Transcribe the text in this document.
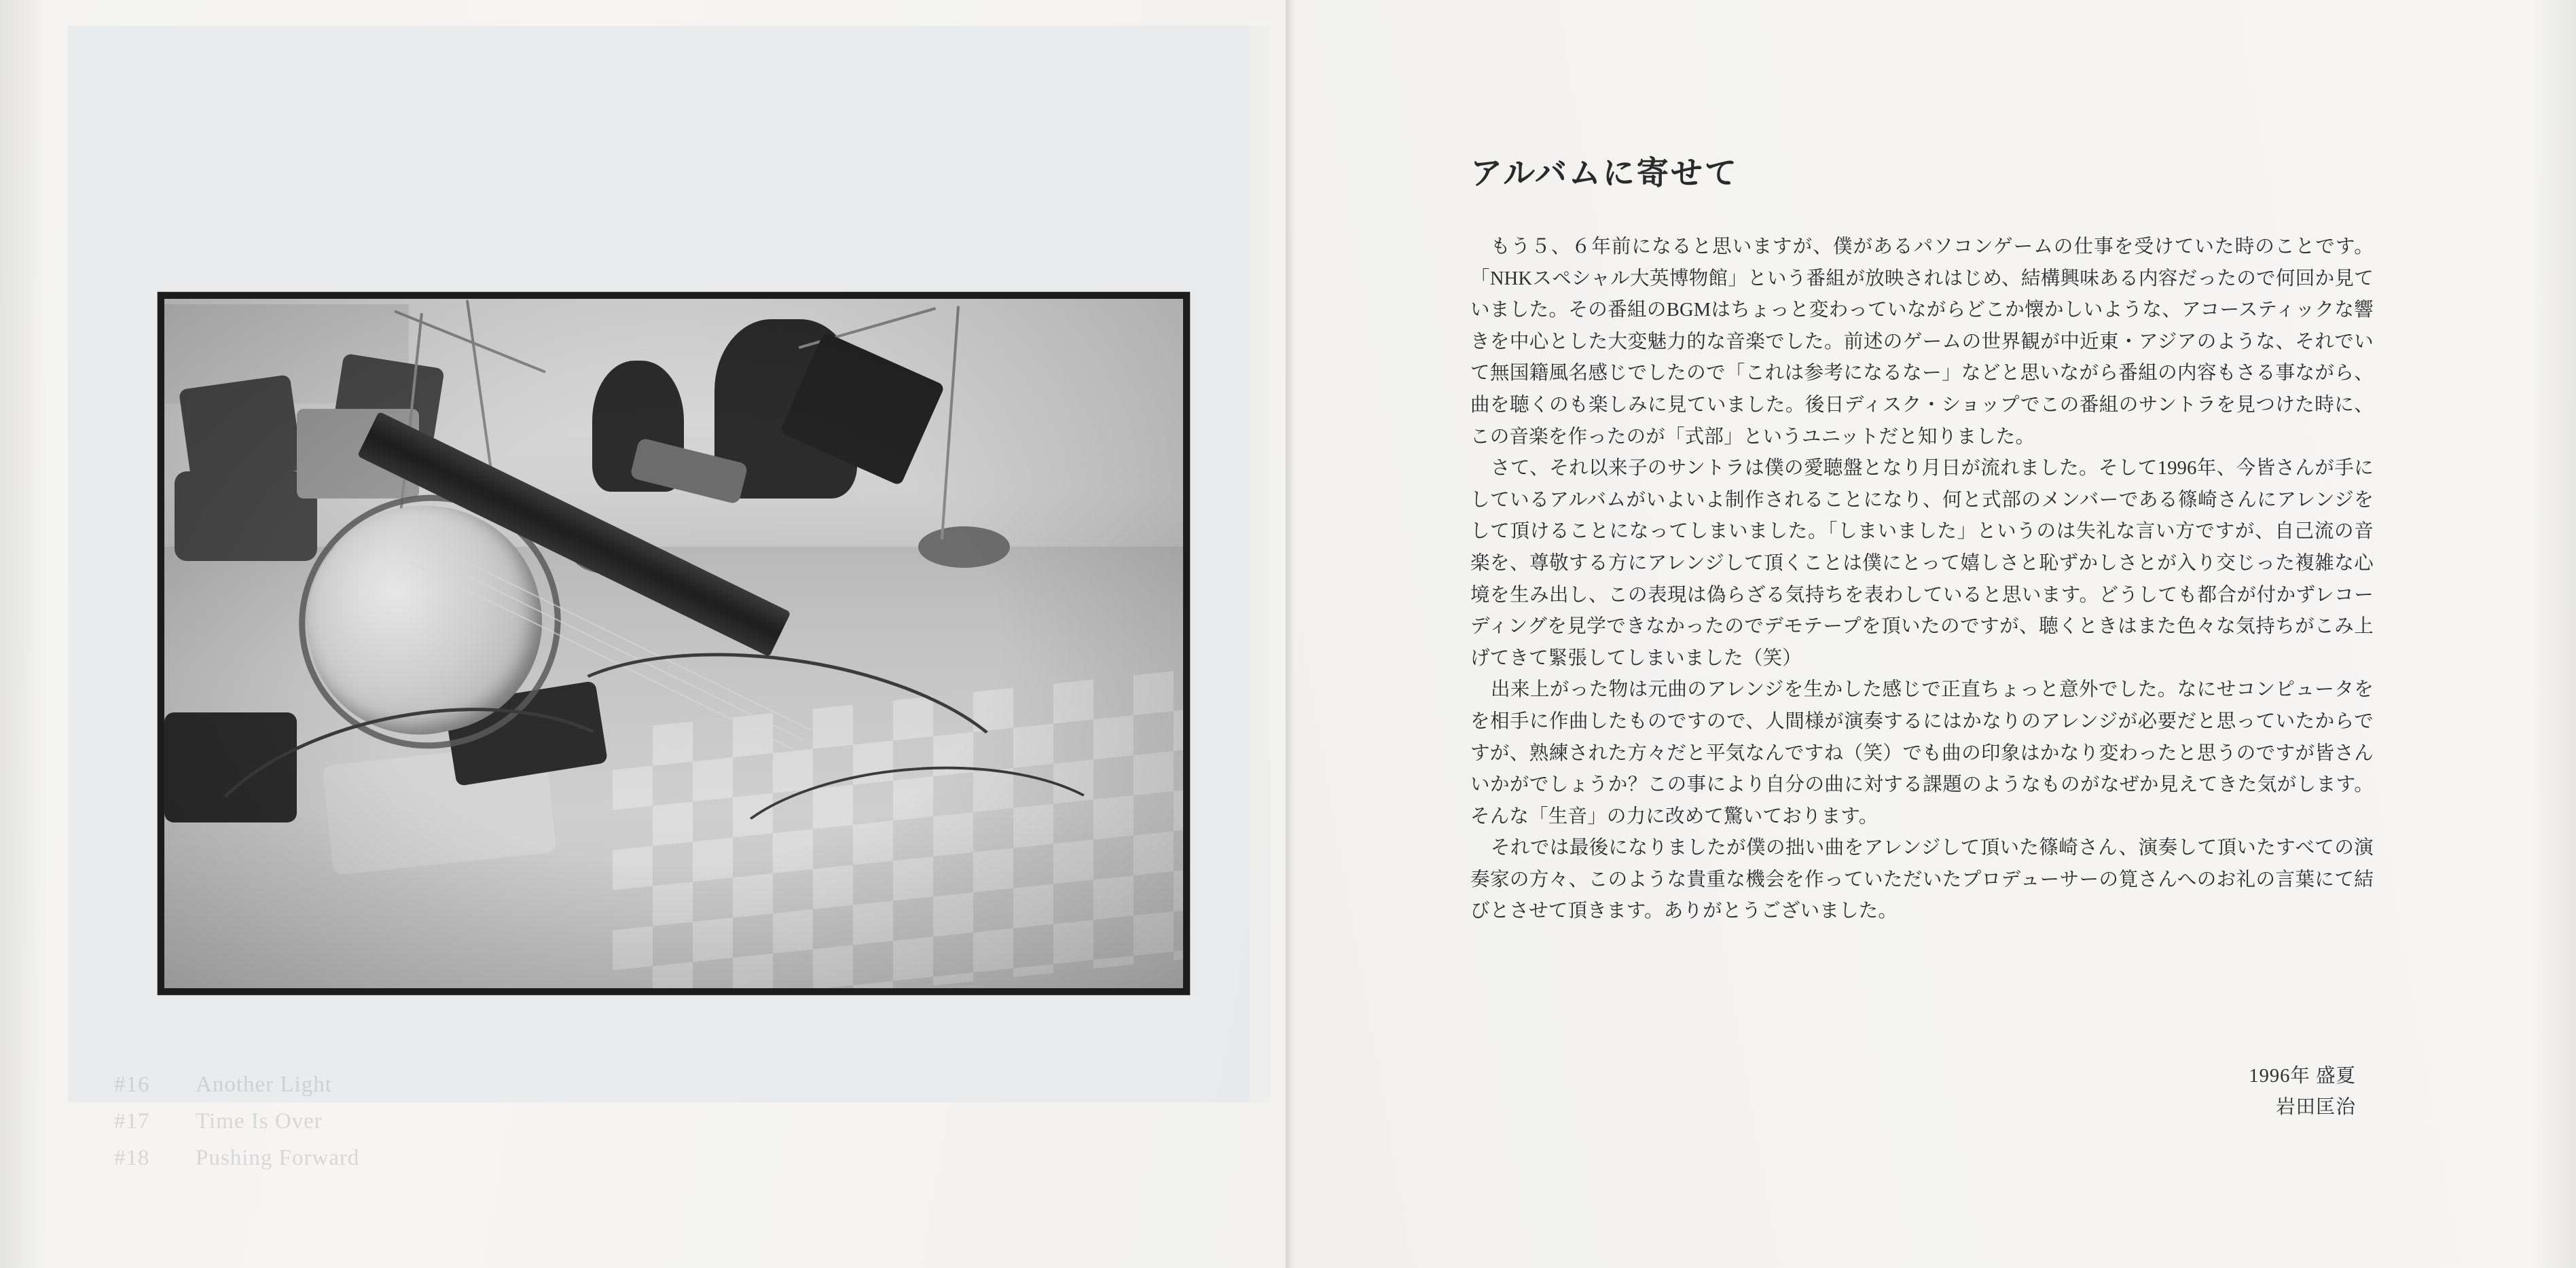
#16 Another Light
#17 Time Is Over
#18 Pushing Forward
アルバムに寄せて

もう５、６年前になると思いますが、僕があるパソコンゲームの仕事を受けていた時のことです。「NHKスペシャル大英博物館」という番組が放映されはじめ、結構興味ある内容だったので何回か見ていました。その番組のBGMはちょっと変わっていながらどこか懐かしいような、アコースティックな響きを中心とした大変魅力的な音楽でした。前述のゲームの世界観が中近東・アジアのような、それでいて無国籍風名感じでしたので「これは参考になるなー」などと思いながら番組の内容もさる事ながら、曲を聴くのも楽しみに見ていました。後日ディスク・ショップでこの番組のサントラを見つけた時に、この音楽を作ったのが「式部」というユニットだと知りました。

さて、それ以来子のサントラは僕の愛聴盤となり月日が流れました。そして1996年、今皆さんが手にしているアルバムがいよいよ制作されることになり、何と式部のメンバーである篠崎さんにアレンジをして頂けることになってしまいました。「しまいました」というのは失礼な言い方ですが、自己流の音楽を、尊敬する方にアレンジして頂くことは僕にとって嬉しさと恥ずかしさとが入り交じった複雑な心境を生み出し、この表現は偽らざる気持ちを表わしていると思います。どうしても都合が付かずレコーディングを見学できなかったのでデモテープを頂いたのですが、聴くときはまた色々な気持ちがこみ上げてきて緊張してしまいました（笑）

出来上がった物は元曲のアレンジを生かした感じで正直ちょっと意外でした。なにせコンピュータをを相手に作曲したものですので、人間様が演奏するにはかなりのアレンジが必要だと思っていたからですが、熟練された方々だと平気なんですね（笑）でも曲の印象はかなり変わったと思うのですが皆さんいかがでしょうか？この事により自分の曲に対する課題のようなものがなぜか見えてきた気がします。そんな「生音」の力に改めて驚いております。

それでは最後になりましたが僕の拙い曲をアレンジして頂いた篠崎さん、演奏して頂いたすべての演奏家の方々、このような貴重な機会を作っていただいたプロデューサーの筧さんへのお礼の言葉にて結びとさせて頂きます。ありがとうございました。

1996年 盛夏
岩田匡治
